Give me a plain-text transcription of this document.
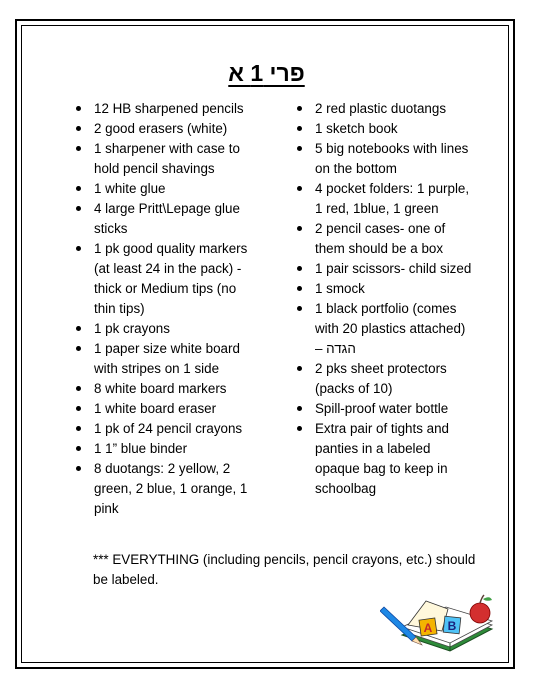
פרי 1 א
12 HB sharpened pencils
2 good erasers (white)
1 sharpener with case to hold pencil shavings
1 white glue
4 large Pritt\Lepage glue sticks
1 pk good quality markers (at least 24 in the pack) - thick or Medium tips (no thin tips)
1 pk crayons
1 paper size white board with stripes on 1 side
8 white board markers
1 white board eraser
1 pk of 24 pencil crayons
1 1” blue binder
8 duotangs: 2 yellow, 2 green, 2 blue, 1 orange, 1 pink
2 red plastic duotangs
1 sketch book
5 big notebooks with lines on the bottom
4 pocket folders: 1 purple, 1 red, 1blue, 1 green
2 pencil cases- one of them should be a box
1 pair scissors- child sized
1 smock
1 black portfolio (comes with 20 plastics attached) – הגדה
2 pks sheet protectors (packs of 10)
Spill-proof water bottle
Extra pair of tights and panties in a labeled opaque bag to keep in schoolbag
*** EVERYTHING (including pencils, pencil crayons, etc.) should be labeled.
A B
